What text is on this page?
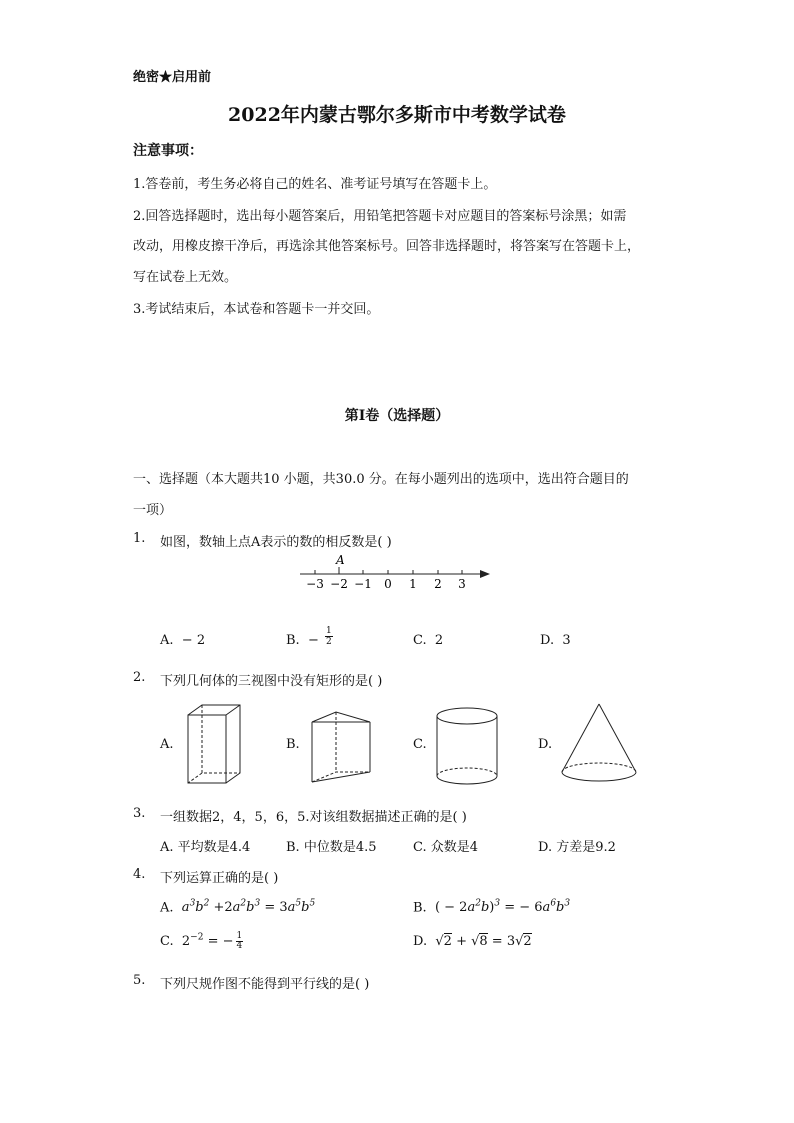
绝密★启用前
2022年内蒙古鄂尔多斯市中考数学试卷
注意事项：
1.答卷前，考生务必将自己的姓名、准考证号填写在答题卡上。
2.回答选择题时，选出每小题答案后，用铅笔把答题卡对应题目的答案标号涂黑；如需
改动，用橡皮擦干净后，再选涂其他答案标号。回答非选择题时，将答案写在答题卡上，
写在试卷上无效。
3.考试结束后，本试卷和答题卡一并交回。
第I卷（选择题）
一、选择题（本大题共10 小题，共30.0 分。在每小题列出的选项中，选出符合题目的
一项）
1. 如图，数轴上点A表示的数的相反数是( )
A
−3 −2 −1 0 1 2 3
A. − 2	B. − $\frac{1}{2}$	C. 2	D. 3
2. 下列几何体的三视图中没有矩形的是( )
A.	B.	C.	D.
3. 一组数据2，4，5，6，5.对该组数据描述正确的是( )
A. 平均数是4.4	B. 中位数是4.5	C. 众数是4	D. 方差是9.2
4. 下列运算正确的是( )
A. $a^3b^2 +2a^2b^3 = 3a^5b^5$	B. ( − $2a^2b)^3$ = − $6a^6b^3$
C. $2^{-2}$ = − $\frac{1}{4}$	D. √2 + √8 = 3√2
5. 下列尺规作图不能得到平行线的是( )
